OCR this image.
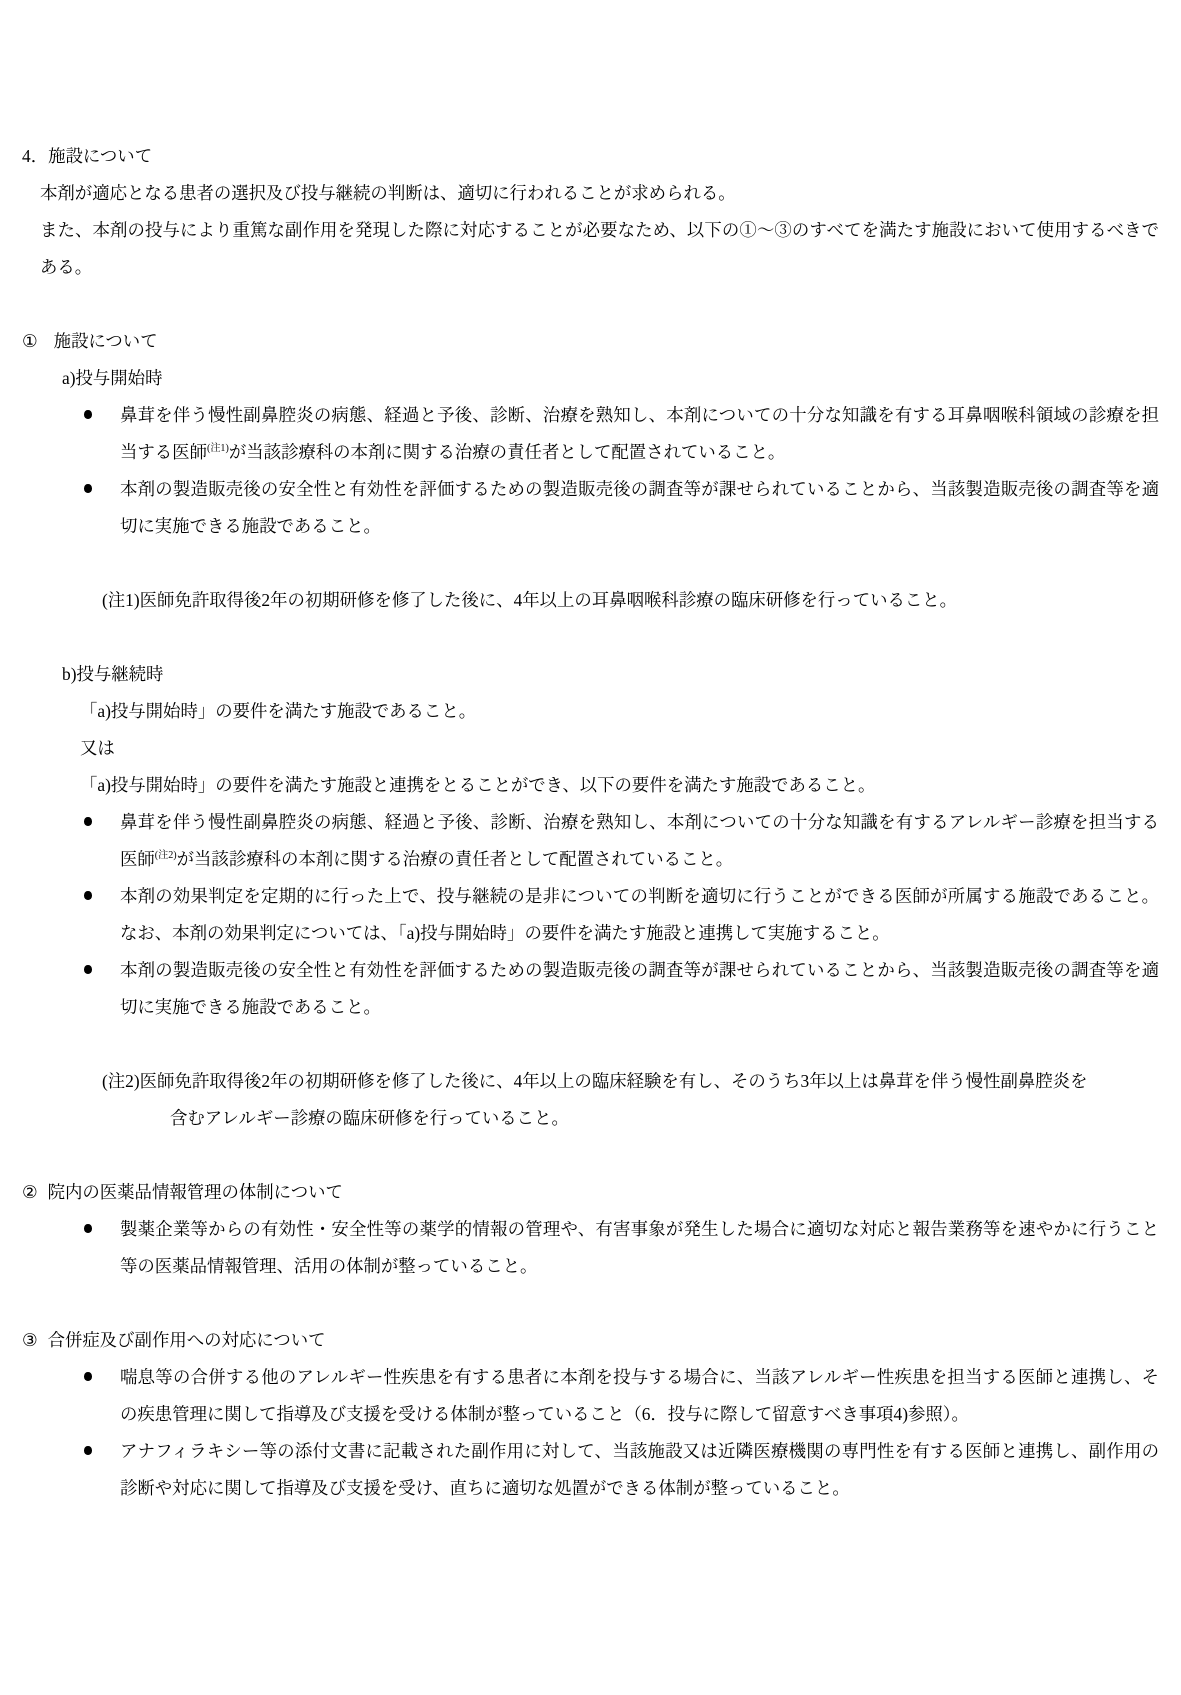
4．施設について

本剤が適応となる患者の選択及び投与継続の判断は、適切に行われることが求められる。

また、本剤の投与により重篤な副作用を発現した際に対応することが必要なため、以下の①～③のすべてを満たす施設において使用するべきである。

① 施設について

a)投与開始時

鼻茸を伴う慢性副鼻腔炎の病態、経過と予後、診断、治療を熟知し、本剤についての十分な知識を有する耳鼻咽喉科領域の診療を担当する医師$^{(注1)}$が当該診療科の本剤に関する治療の責任者として配置されていること。
本剤の製造販売後の安全性と有効性を評価するための製造販売後の調査等が課せられていることから、当該製造販売後の調査等を適切に実施できる施設であること。

(注1)医師免許取得後2年の初期研修を修了した後に、4年以上の耳鼻咽喉科診療の臨床研修を行っていること。

b)投与継続時

「a)投与開始時」の要件を満たす施設であること。

又は

「a)投与開始時」の要件を満たす施設と連携をとることができ、以下の要件を満たす施設であること。

鼻茸を伴う慢性副鼻腔炎の病態、経過と予後、診断、治療を熟知し、本剤についての十分な知識を有するアレルギー診療を担当する医師$^{(注2)}$が当該診療科の本剤に関する治療の責任者として配置されていること。
本剤の効果判定を定期的に行った上で、投与継続の是非についての判断を適切に行うことができる医師が所属する施設であること。なお、本剤の効果判定については、「a)投与開始時」の要件を満たす施設と連携して実施すること。
本剤の製造販売後の安全性と有効性を評価するための製造販売後の調査等が課せられていることから、当該製造販売後の調査等を適切に実施できる施設であること。

(注2)医師免許取得後2年の初期研修を修了した後に、4年以上の臨床経験を有し、そのうち3年以上は鼻茸を伴う慢性副鼻腔炎を

含むアレルギー診療の臨床研修を行っていること。

② 院内の医薬品情報管理の体制について

製薬企業等からの有効性・安全性等の薬学的情報の管理や、有害事象が発生した場合に適切な対応と報告業務等を速やかに行うこと等の医薬品情報管理、活用の体制が整っていること。

③ 合併症及び副作用への対応について

喘息等の合併する他のアレルギー性疾患を有する患者に本剤を投与する場合に、当該アレルギー性疾患を担当する医師と連携し、その疾患管理に関して指導及び支援を受ける体制が整っていること（6．投与に際して留意すべき事項4)参照）。
アナフィラキシー等の添付文書に記載された副作用に対して、当該施設又は近隣医療機関の専門性を有する医師と連携し、副作用の診断や対応に関して指導及び支援を受け、直ちに適切な処置ができる体制が整っていること。
